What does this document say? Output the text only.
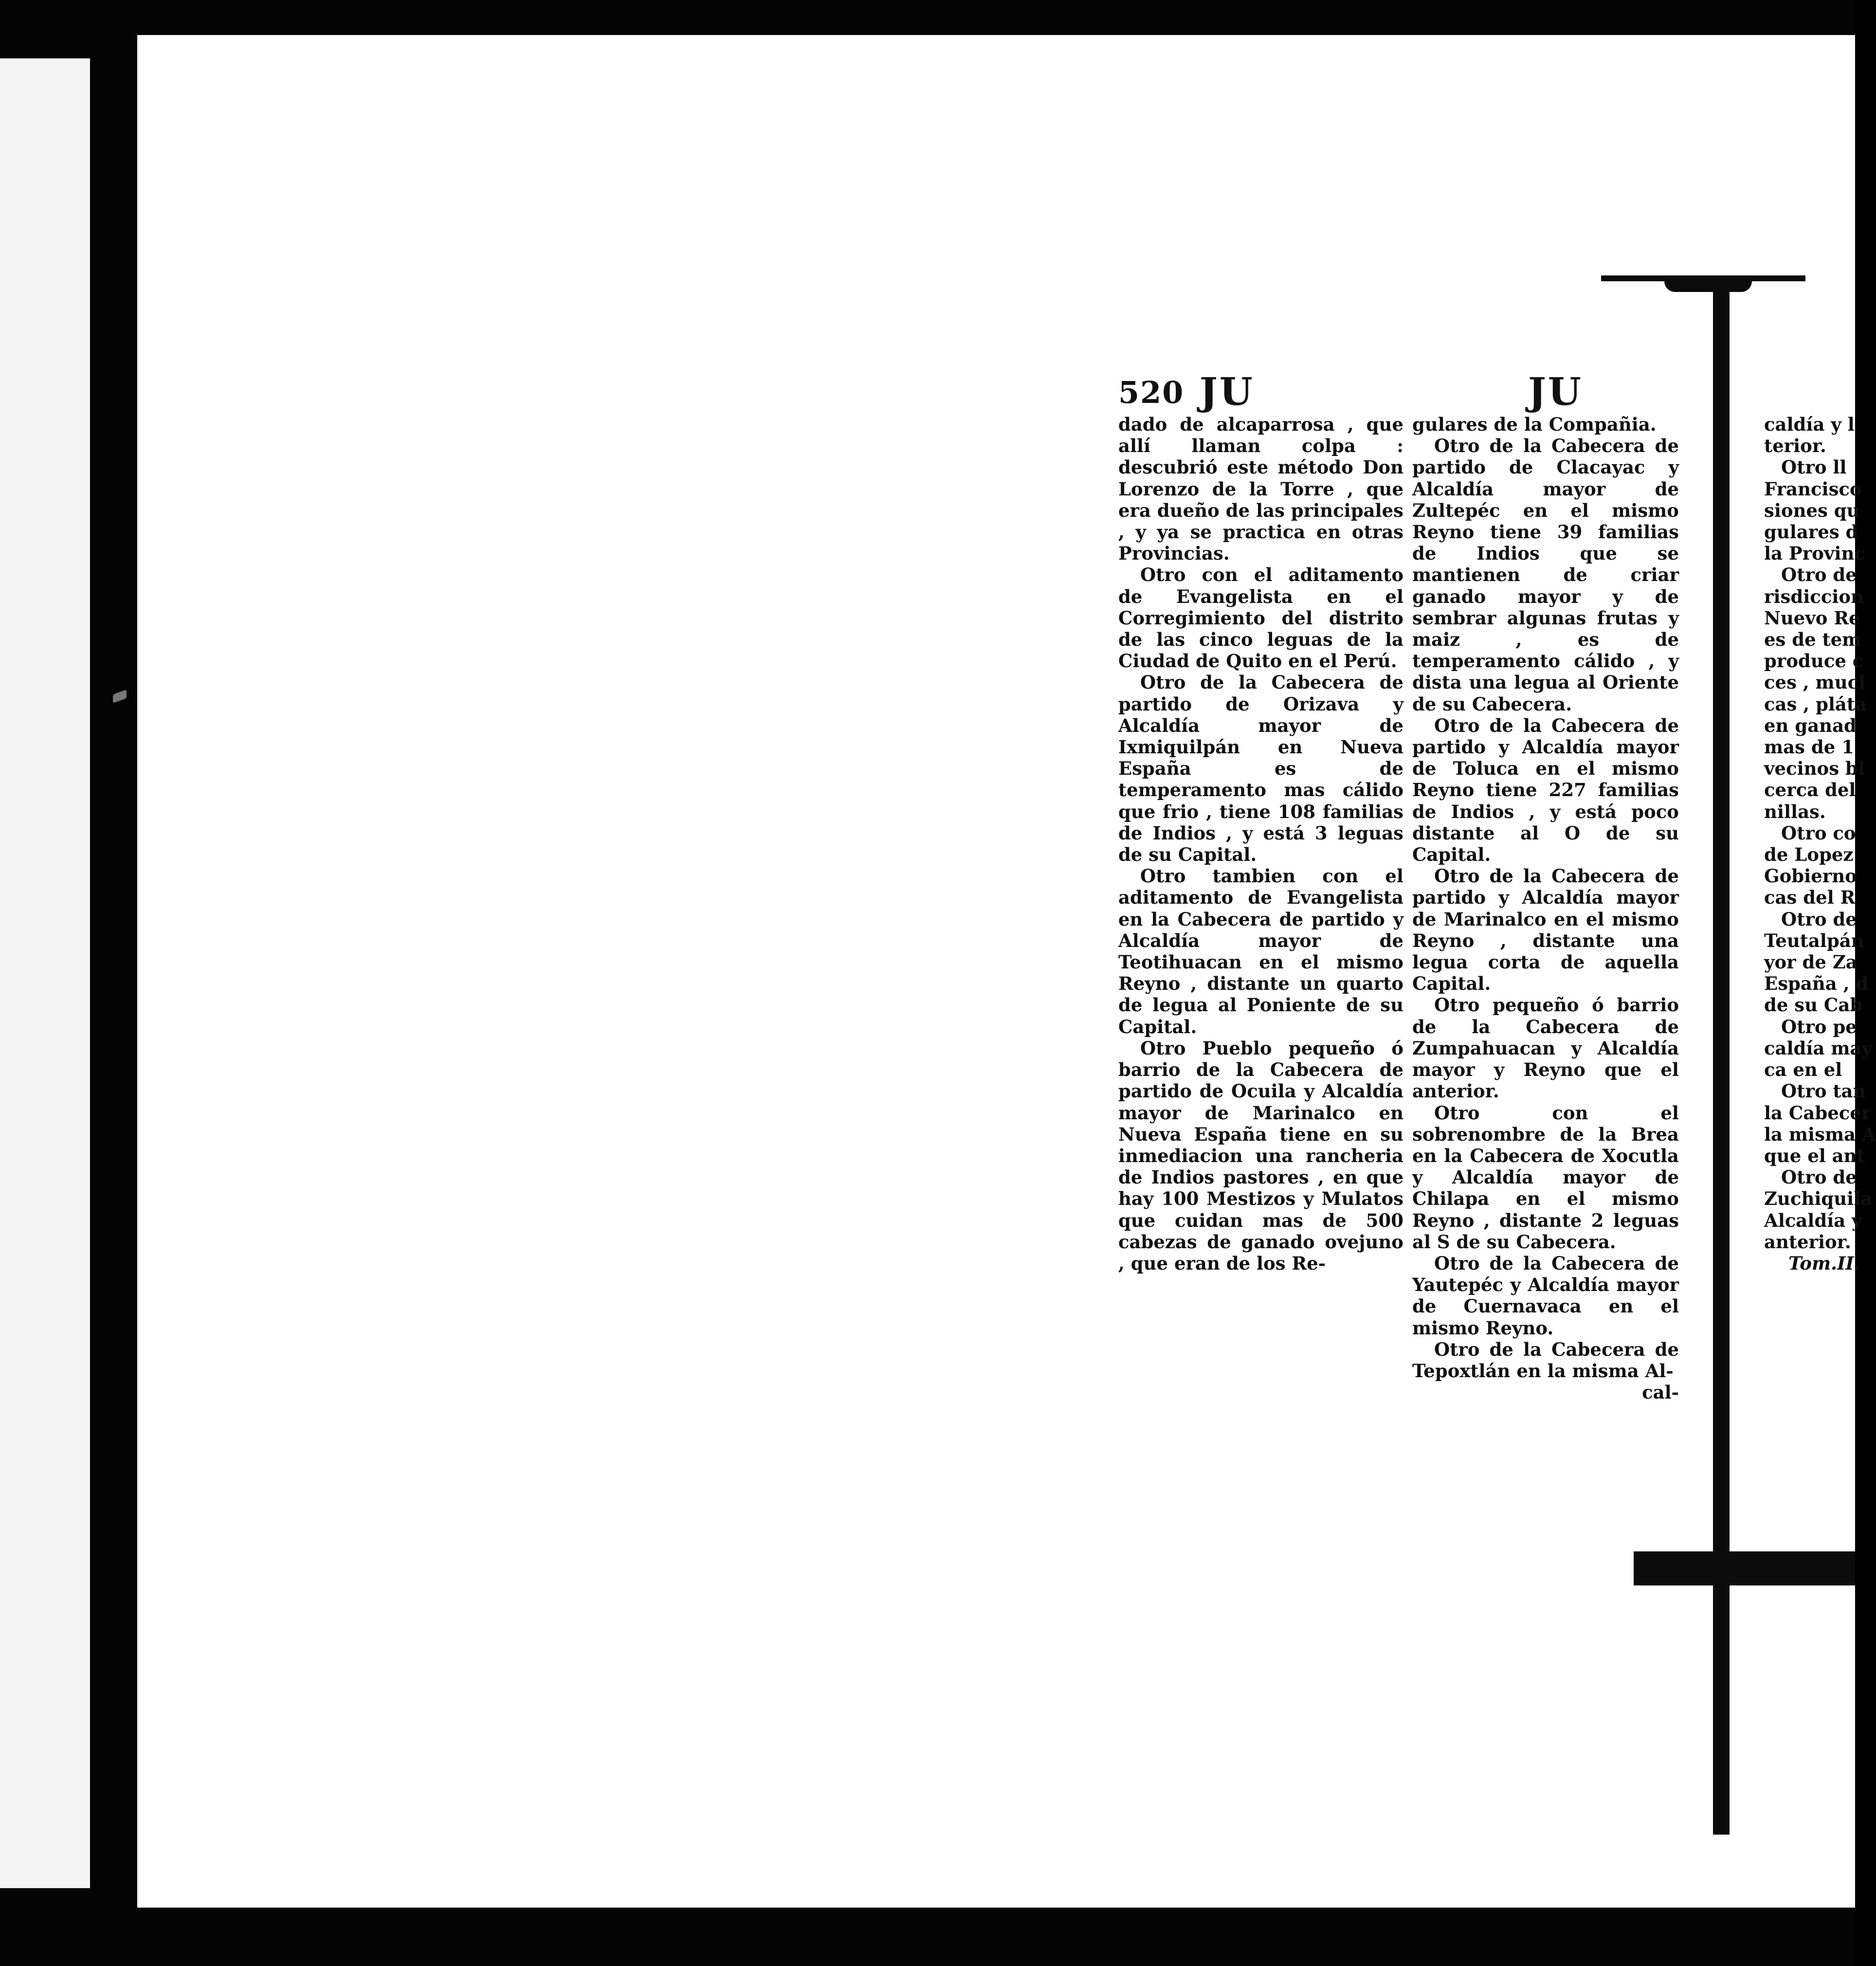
520 JU	JU

dado de alcaparrosa , que allí llaman colpa : descubrió este método Don Lorenzo de la Torre , que era dueño de las principales , y ya se practica en otras Provincias.

Otro con el aditamento de Evangelista en el Corregimiento del distrito de las cinco leguas de la Ciudad de Quito en el Perú.

Otro de la Cabecera de partido de Orizava y Alcaldía mayor de Ixmiquilpán en Nueva España es de temperamento mas cálido que frio , tiene 108 familias de Indios , y está 3 leguas de su Capital.

Otro tambien con el aditamento de Evangelista en la Cabecera de partido y Alcaldía mayor de Teotihuacan en el mismo Reyno , distante un quarto de legua al Poniente de su Capital.

Otro Pueblo pequeño ó barrio de la Cabecera de partido de Ocuila y Alcaldía mayor de Marinalco en Nueva España tiene en su inmediacion una rancheria de Indios pastores , en que hay 100 Mestizos y Mulatos que cuidan mas de 500 cabezas de ganado ovejuno , que eran de los Re-

gulares de la Compañia.

Otro de la Cabecera de partido de Clacayac y Alcaldía mayor de Zultepéc en el mismo Reyno tiene 39 familias de Indios que se mantienen de criar ganado mayor y de sembrar algunas frutas y maiz , es de temperamento cálido , y dista una legua al Oriente de su Cabecera.

Otro de la Cabecera de partido y Alcaldía mayor de Toluca en el mismo Reyno tiene 227 familias de Indios , y está poco distante al O de su Capital.

Otro de la Cabecera de partido y Alcaldía mayor de Marinalco en el mismo Reyno , distante una legua corta de aquella Capital.

Otro pequeño ó barrio de la Cabecera de Zumpahuacan y Alcaldía mayor y Reyno que el anterior.

Otro con el sobrenombre de la Brea en la Cabecera de Xocutla y Alcaldía mayor de Chilapa en el mismo Reyno , distante 2 leguas al S de su Cabecera.

Otro de la Cabecera de Yautepéc y Alcaldía mayor de Cuernavaca en el mismo Reyno.

Otro de la Cabecera de Tepoxtlán en la misma Al-

cal-

caldía y l
terior.
Otro ll
Francisco
siones qu
gulares d
la Provinc
Otro de
risdiccion
Nuevo Re
es de tem
produce c
ces , mucl
cas , pláta
en ganad
mas de 1
vecinos bl
cerca del
nillas.
Otro co
de Lopez
Gobierno
cas del R
Otro de
Teutalpán
yor de Za
España , d
de su Cab
Otro pe
caldía may
ca en el
Otro tan
la Cabecer
la misma A
que el ant
Otro de
Zuchiquila
Alcaldía y
anterior.
Tom.II.
